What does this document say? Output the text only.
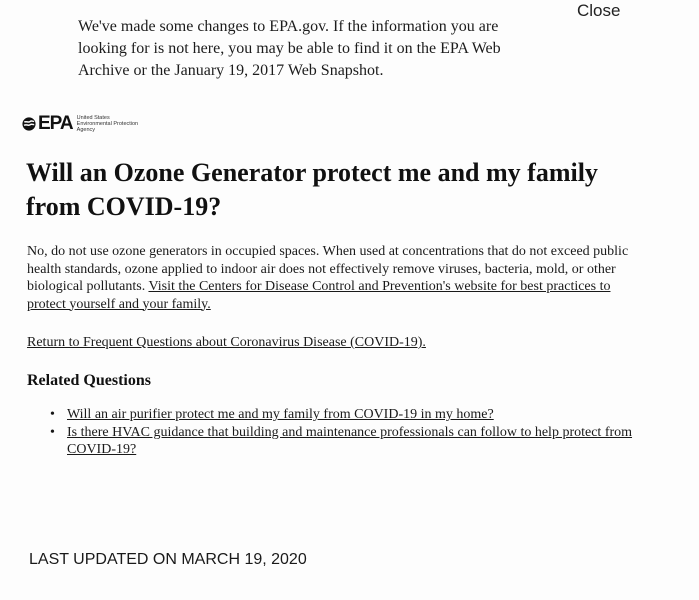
We've made some changes to EPA.gov. If the information you are looking for is not here, you may be able to find it on the EPA Web Archive or the January 19, 2017 Web Snapshot.
Close
EPA United States
Environmental Protection
Agency
Will an Ozone Generator protect me and my family from COVID-19?

No, do not use ozone generators in occupied spaces. When used at concentrations that do not exceed public health standards, ozone applied to indoor air does not effectively remove viruses, bacteria, mold, or other biological pollutants. Visit the Centers for Disease Control and Prevention's website for best practices to protect yourself and your family.

Return to Frequent Questions about Coronavirus Disease (COVID-19).
Related Questions
• Will an air purifier protect me and my family from COVID-19 in my home?
• Is there HVAC guidance that building and maintenance professionals can follow to help protect from COVID-19?
LAST UPDATED ON MARCH 19, 2020
